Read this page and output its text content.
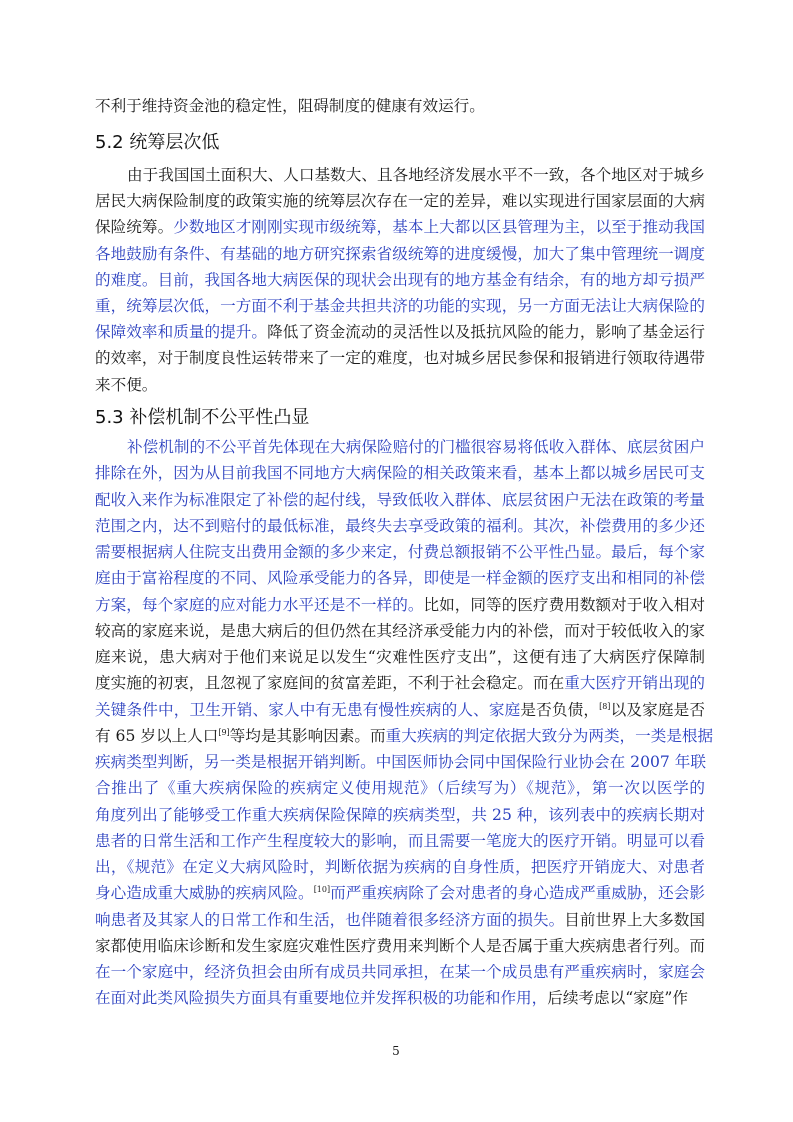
不利于维持资金池的稳定性，阻碍制度的健康有效运行。
5.2 统筹层次低
由于我国国土面积大、人口基数大、且各地经济发展水平不一致，各个地区对于城乡
居民大病保险制度的政策实施的统筹层次存在一定的差异，难以实现进行国家层面的大病
保险统筹。少数地区才刚刚实现市级统筹，基本上大都以区县管理为主，以至于推动我国
各地鼓励有条件、有基础的地方研究探索省级统筹的进度缓慢，加大了集中管理统一调度
的难度。目前，我国各地大病医保的现状会出现有的地方基金有结余，有的地方却亏损严
重，统筹层次低，一方面不利于基金共担共济的功能的实现，另一方面无法让大病保险的
保障效率和质量的提升。降低了资金流动的灵活性以及抵抗风险的能力，影响了基金运行
的效率，对于制度良性运转带来了一定的难度，也对城乡居民参保和报销进行领取待遇带
来不便。
5.3 补偿机制不公平性凸显
补偿机制的不公平首先体现在大病保险赔付的门槛很容易将低收入群体、底层贫困户
排除在外，因为从目前我国不同地方大病保险的相关政策来看，基本上都以城乡居民可支
配收入来作为标准限定了补偿的起付线，导致低收入群体、底层贫困户无法在政策的考量
范围之内，达不到赔付的最低标准，最终失去享受政策的福利。其次，补偿费用的多少还
需要根据病人住院支出费用金额的多少来定，付费总额报销不公平性凸显。最后，每个家
庭由于富裕程度的不同、风险承受能力的各异，即使是一样金额的医疗支出和相同的补偿
方案，每个家庭的应对能力水平还是不一样的。比如，同等的医疗费用数额对于收入相对
较高的家庭来说，是患大病后的但仍然在其经济承受能力内的补偿，而对于较低收入的家
庭来说，患大病对于他们来说足以发生“灾难性医疗支出”，这便有违了大病医疗保障制
度实施的初衷，且忽视了家庭间的贫富差距，不利于社会稳定。而在重大医疗开销出现的
关键条件中，卫生开销、家人中有无患有慢性疾病的人、家庭是否负债，[8]以及家庭是否
有 65 岁以上人口[9]等均是其影响因素。而重大疾病的判定依据大致分为两类，一类是根据
疾病类型判断，另一类是根据开销判断。中国医师协会同中国保险行业协会在 2007 年联
合推出了《重大疾病保险的疾病定义使用规范》（后续写为）《规范》，第一次以医学的
角度列出了能够受工作重大疾病保险保障的疾病类型，共 25 种，该列表中的疾病长期对
患者的日常生活和工作产生程度较大的影响，而且需要一笔庞大的医疗开销。明显可以看
出，《规范》在定义大病风险时，判断依据为疾病的自身性质，把医疗开销庞大、对患者
身心造成重大威胁的疾病风险。[10]而严重疾病除了会对患者的身心造成严重威胁，还会影
响患者及其家人的日常工作和生活，也伴随着很多经济方面的损失。目前世界上大多数国
家都使用临床诊断和发生家庭灾难性医疗费用来判断个人是否属于重大疾病患者行列。而
在一个家庭中，经济负担会由所有成员共同承担，在某一个成员患有严重疾病时，家庭会
在面对此类风险损失方面具有重要地位并发挥积极的功能和作用，后续考虑以“家庭”作
5
